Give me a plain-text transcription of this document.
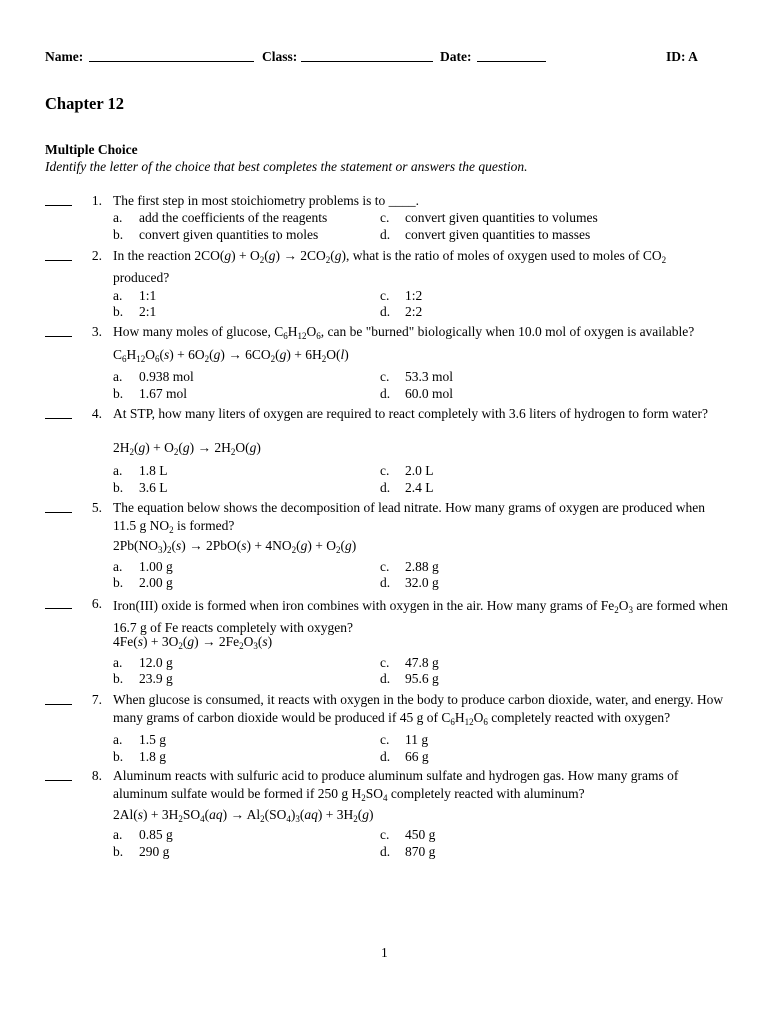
Name:	Class:	Date:	ID: A
Chapter 12
Multiple Choice
Identify the letter of the choice that best completes the statement or answers the question.
1. The first step in most stoichiometry problems is to ____.
a. add the coefficients of the reagents
b. convert given quantities to moles
c. convert given quantities to volumes
d. convert given quantities to masses
2. In the reaction $2CO(g) + O_2(g) \to 2CO_2(g)$, what is the ratio of moles of oxygen used to moles of $CO_2$ produced?
a. 1:1
b. 2:1
c. 1:2
d. 2:2
3. How many moles of glucose, $C_6H_{12}O_6$, can be "burned" biologically when 10.0 mol of oxygen is available?
$C_6H_{12}O_6(s) + 6O_2(g) \to 6CO_2(g) + 6H_2O(l)$
a. 0.938 mol
b. 1.67 mol
c. 53.3 mol
d. 60.0 mol
4. At STP, how many liters of oxygen are required to react completely with 3.6 liters of hydrogen to form water?
$2H_2(g) + O_2(g) \to 2H_2O(g)$
a. 1.8 L
b. 3.6 L
c. 2.0 L
d. 2.4 L
5. The equation below shows the decomposition of lead nitrate. How many grams of oxygen are produced when 11.5 g $NO_2$ is formed?
$2Pb(NO_3)_2(s) \to 2PbO(s) + 4NO_2(g) + O_2(g)$
a. 1.00 g
b. 2.00 g
c. 2.88 g
d. 32.0 g
6. Iron(III) oxide is formed when iron combines with oxygen in the air. How many grams of $Fe_2O_3$ are formed when 16.7 g of Fe reacts completely with oxygen?
$4Fe(s) + 3O_2(g) \to 2Fe_2O_3(s)$
a. 12.0 g
b. 23.9 g
c. 47.8 g
d. 95.6 g
7. When glucose is consumed, it reacts with oxygen in the body to produce carbon dioxide, water, and energy. How many grams of carbon dioxide would be produced if 45 g of $C_6H_{12}O_6$ completely reacted with oxygen?
a. 1.5 g
b. 1.8 g
c. 11 g
d. 66 g
8. Aluminum reacts with sulfuric acid to produce aluminum sulfate and hydrogen gas. How many grams of aluminum sulfate would be formed if 250 g $H_2SO_4$ completely reacted with aluminum?
$2Al(s) + 3H_2SO_4(aq) \to Al_2(SO_4)_3(aq) + 3H_2(g)$
a. 0.85 g
b. 290 g
c. 450 g
d. 870 g
1
